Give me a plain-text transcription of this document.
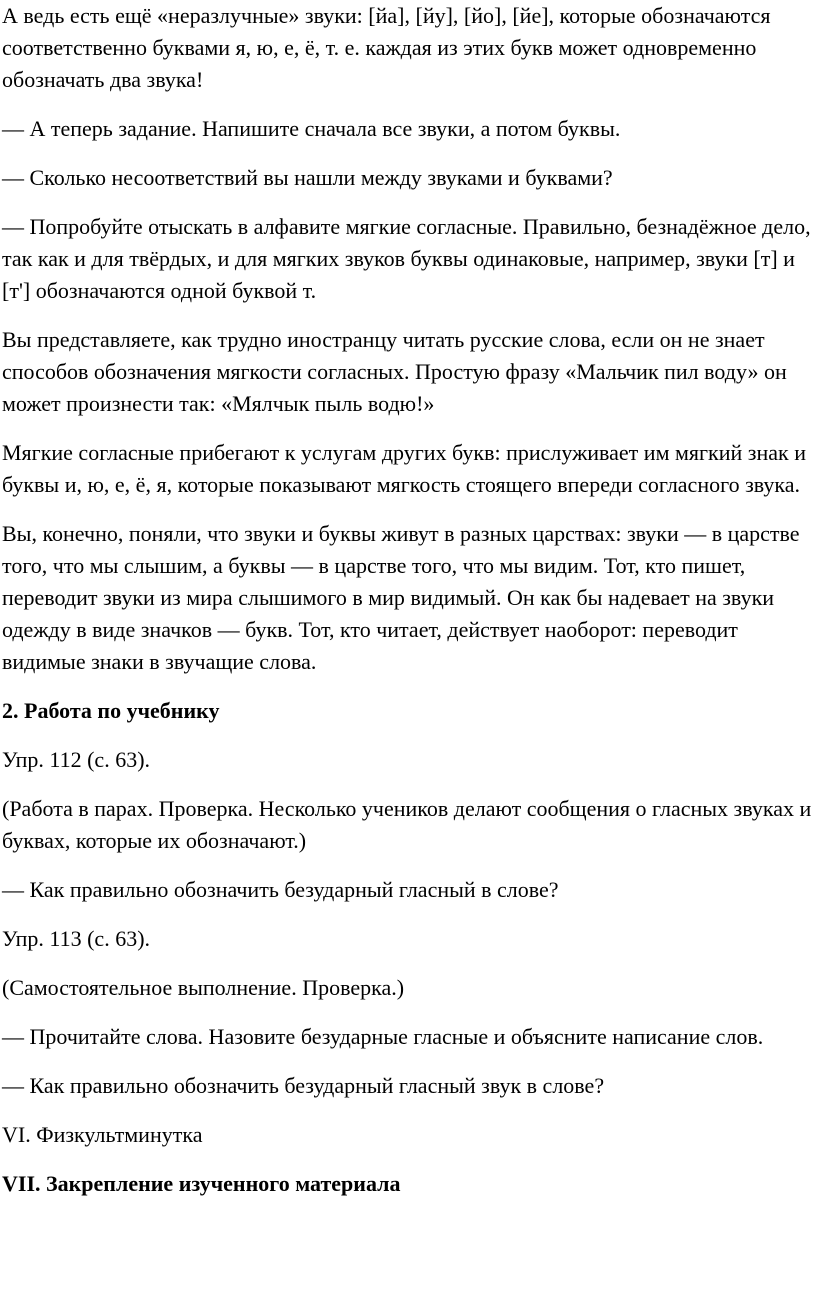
А ведь есть ещё «неразлучные» звуки: [йа], [йу], [йо], [йе], которые обозначаются соответственно буквами я, ю, е, ё, т. е. каждая из этих букв может одновременно обозначать два звука!

— А теперь задание. Напишите сначала все звуки, а потом буквы.

— Сколько несоответствий вы нашли между звуками и буквами?

— Попробуйте отыскать в алфавите мягкие согласные. Правильно, безнадёжное дело, так как и для твёрдых, и для мягких звуков буквы одинаковые, например, звуки [т] и [т'] обозначаются одной буквой т.

Вы представляете, как трудно иностранцу читать русские слова, если он не знает способов обозначения мягкости согласных. Простую фразу «Мальчик пил воду» он может произнести так: «Мялчык пыль водю!»

Мягкие согласные прибегают к услугам других букв: прислуживает им мягкий знак и буквы и, ю, е, ё, я, которые показывают мягкость стоящего впереди согласного звука.

Вы, конечно, поняли, что звуки и буквы живут в разных царствах: звуки — в царстве того, что мы слышим, а буквы — в царстве того, что мы видим. Тот, кто пишет, переводит звуки из мира слышимого в мир видимый. Он как бы надевает на звуки одежду в виде значков — букв. Тот, кто читает, действует наоборот: переводит видимые знаки в звучащие слова.

2. Работа по учебнику

Упр. 112 (с. 63).

(Работа в парах. Проверка. Несколько учеников делают сообщения о гласных звуках и буквах, которые их обозначают.)

— Как правильно обозначить безударный гласный в слове?

Упр. 113 (с. 63).

(Самостоятельное выполнение. Проверка.)

— Прочитайте слова. Назовите безударные гласные и объясните написание слов.

— Как правильно обозначить безударный гласный звук в слове?

VI. Физкультминутка

VII. Закрепление изученного материала
